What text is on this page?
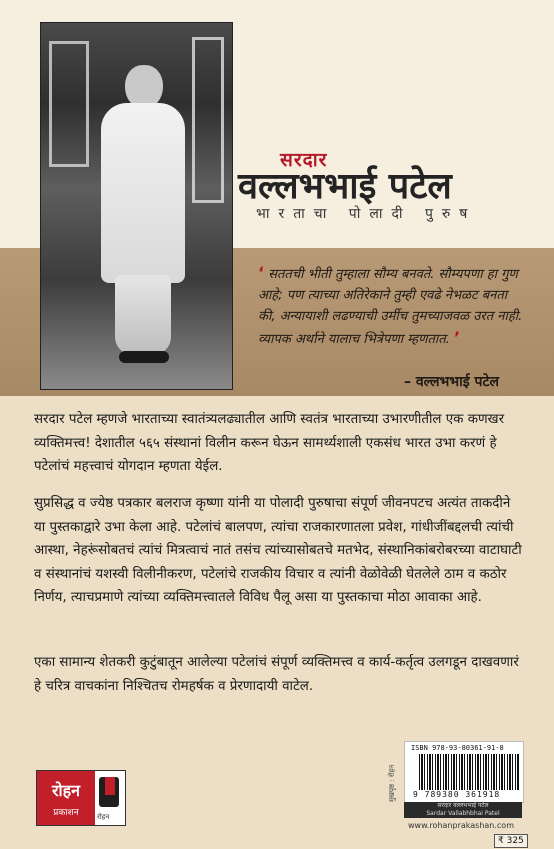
सरदार
वल्लभभाई पटेल
भारताचा पोलादी पुरुष
‘ सततची भीती तुम्हाला सौम्य बनवते. सौम्यपणा हा गुण आहे; पण त्याच्या अतिरेकाने तुम्ही एवढे नेभळट बनता की, अन्यायाशी लढण्याची उर्मीच तुमच्याजवळ उरत नाही. व्यापक अर्थाने यालाच भित्रेपणा म्हणतात. ’
– वल्लभभाई पटेल
सरदार पटेल म्हणजे भारताच्या स्वातंत्र्यलढ्यातील आणि स्वतंत्र भारताच्या उभारणीतील एक कणखर व्यक्तिमत्त्व! देशातील ५६५ संस्थानां विलीन करून घेऊन सामर्थ्यशाली एकसंध भारत उभा करणं हे पटेलांचं महत्त्वाचं योगदान म्हणता येईल.
सुप्रसिद्ध व ज्येष्ठ पत्रकार बलराज कृष्णा यांनी या पोलादी पुरुषाचा संपूर्ण जीवनपटच अत्यंत ताकदीने या पुस्तकाद्वारे उभा केला आहे. पटेलांचं बालपण, त्यांचा राजकारणातला प्रवेश, गांधीजींबद्दलची त्यांची आस्था, नेहरूंसोबतचं त्यांचं मित्रत्वाचं नातं तसंच त्यांच्यासोबतचे मतभेद, संस्थानिकांबरोबरच्या वाटाघाटी व संस्थानांचं यशस्वी विलीनीकरण, पटेलांचे राजकीय विचार व त्यांनी वेळोवेळी घेतलेले ठाम व कठोर निर्णय, त्याचप्रमाणे त्यांच्या व्यक्तिमत्त्वातले विविध पैलू असा या पुस्तकाचा मोठा आवाका आहे.
एका सामान्य शेतकरी कुटुंबातून आलेल्या पटेलांचं संपूर्ण व्यक्तिमत्त्व व कार्य-कर्तृत्व उलगडून दाखवणारं हे चरित्र वाचकांना निश्चितच रोमहर्षक व प्रेरणादायी वाटेल.
रोहन
प्रकाशन	रोहन
मुखपृष्ठ : रोहन
ISBN 978-93-80361-91-8
9 789380 361918
सरदार वल्लभभाई पटेल
Sardar Vallabhbhai Patel
www.rohanprakashan.com
₹ 325
